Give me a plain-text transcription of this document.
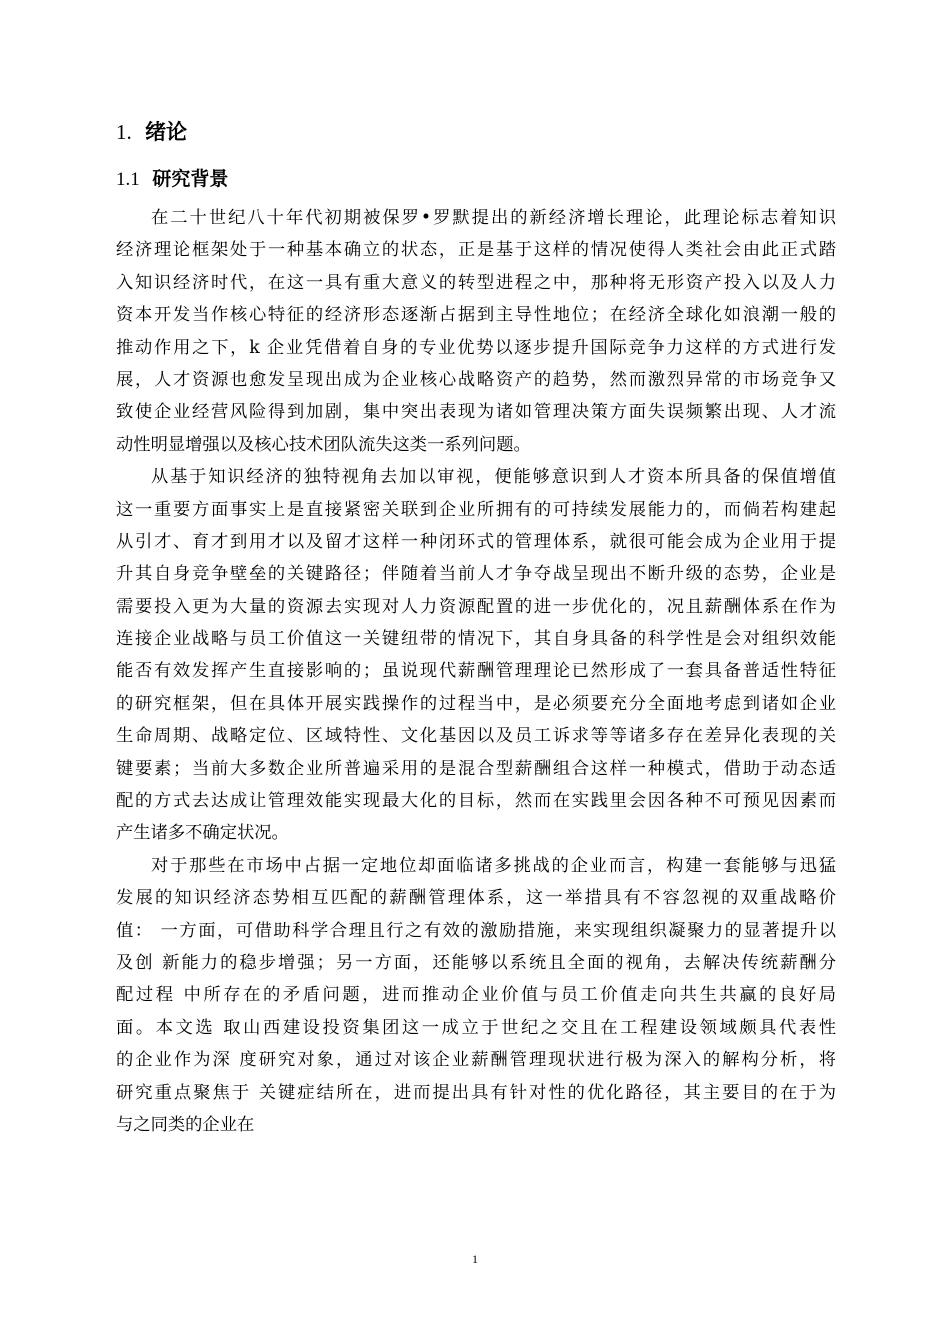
1. 绪论
1.1 研究背景
在二十世纪八十年代初期被保罗•罗默提出的新经济增长理论，此理论标志着知识
经济理论框架处于一种基本确立的状态，正是基于这样的情况使得人类社会由此正式踏
入知识经济时代，在这一具有重大意义的转型进程之中，那种将无形资产投入以及人力
资本开发当作核心特征的经济形态逐渐占据到主导性地位；在经济全球化如浪潮一般的
推动作用之下，k 企业凭借着自身的专业优势以逐步提升国际竞争力这样的方式进行发
展，人才资源也愈发呈现出成为企业核心战略资产的趋势，然而激烈异常的市场竞争又
致使企业经营风险得到加剧，集中突出表现为诸如管理决策方面失误频繁出现、人才流
动性明显增强以及核心技术团队流失这类一系列问题。
从基于知识经济的独特视角去加以审视，便能够意识到人才资本所具备的保值增值
这一重要方面事实上是直接紧密关联到企业所拥有的可持续发展能力的，而倘若构建起
从引才、育才到用才以及留才这样一种闭环式的管理体系，就很可能会成为企业用于提
升其自身竞争壁垒的关键路径；伴随着当前人才争夺战呈现出不断升级的态势，企业是
需要投入更为大量的资源去实现对人力资源配置的进一步优化的，况且薪酬体系在作为
连接企业战略与员工价值这一关键纽带的情况下，其自身具备的科学性是会对组织效能
能否有效发挥产生直接影响的；虽说现代薪酬管理理论已然形成了一套具备普适性特征
的研究框架，但在具体开展实践操作的过程当中，是必须要充分全面地考虑到诸如企业
生命周期、战略定位、区域特性、文化基因以及员工诉求等等诸多存在差异化表现的关
键要素；当前大多数企业所普遍采用的是混合型薪酬组合这样一种模式，借助于动态适
配的方式去达成让管理效能实现最大化的目标，然而在实践里会因各种不可预见因素而
产生诸多不确定状况。
对于那些在市场中占据一定地位却面临诸多挑战的企业而言，构建一套能够与迅猛
发展的知识经济态势相互匹配的薪酬管理体系，这一举措具有不容忽视的双重战略价
值： 一方面，可借助科学合理且行之有效的激励措施，来实现组织凝聚力的显著提升以
及创 新能力的稳步增强；另一方面，还能够以系统且全面的视角，去解决传统薪酬分
配过程 中所存在的矛盾问题，进而推动企业价值与员工价值走向共生共赢的良好局
面。本文选 取山西建设投资集团这一成立于世纪之交且在工程建设领域颇具代表性
的企业作为深 度研究对象，通过对该企业薪酬管理现状进行极为深入的解构分析，将
研究重点聚焦于 关键症结所在，进而提出具有针对性的优化路径，其主要目的在于为
与之同类的企业在
1
